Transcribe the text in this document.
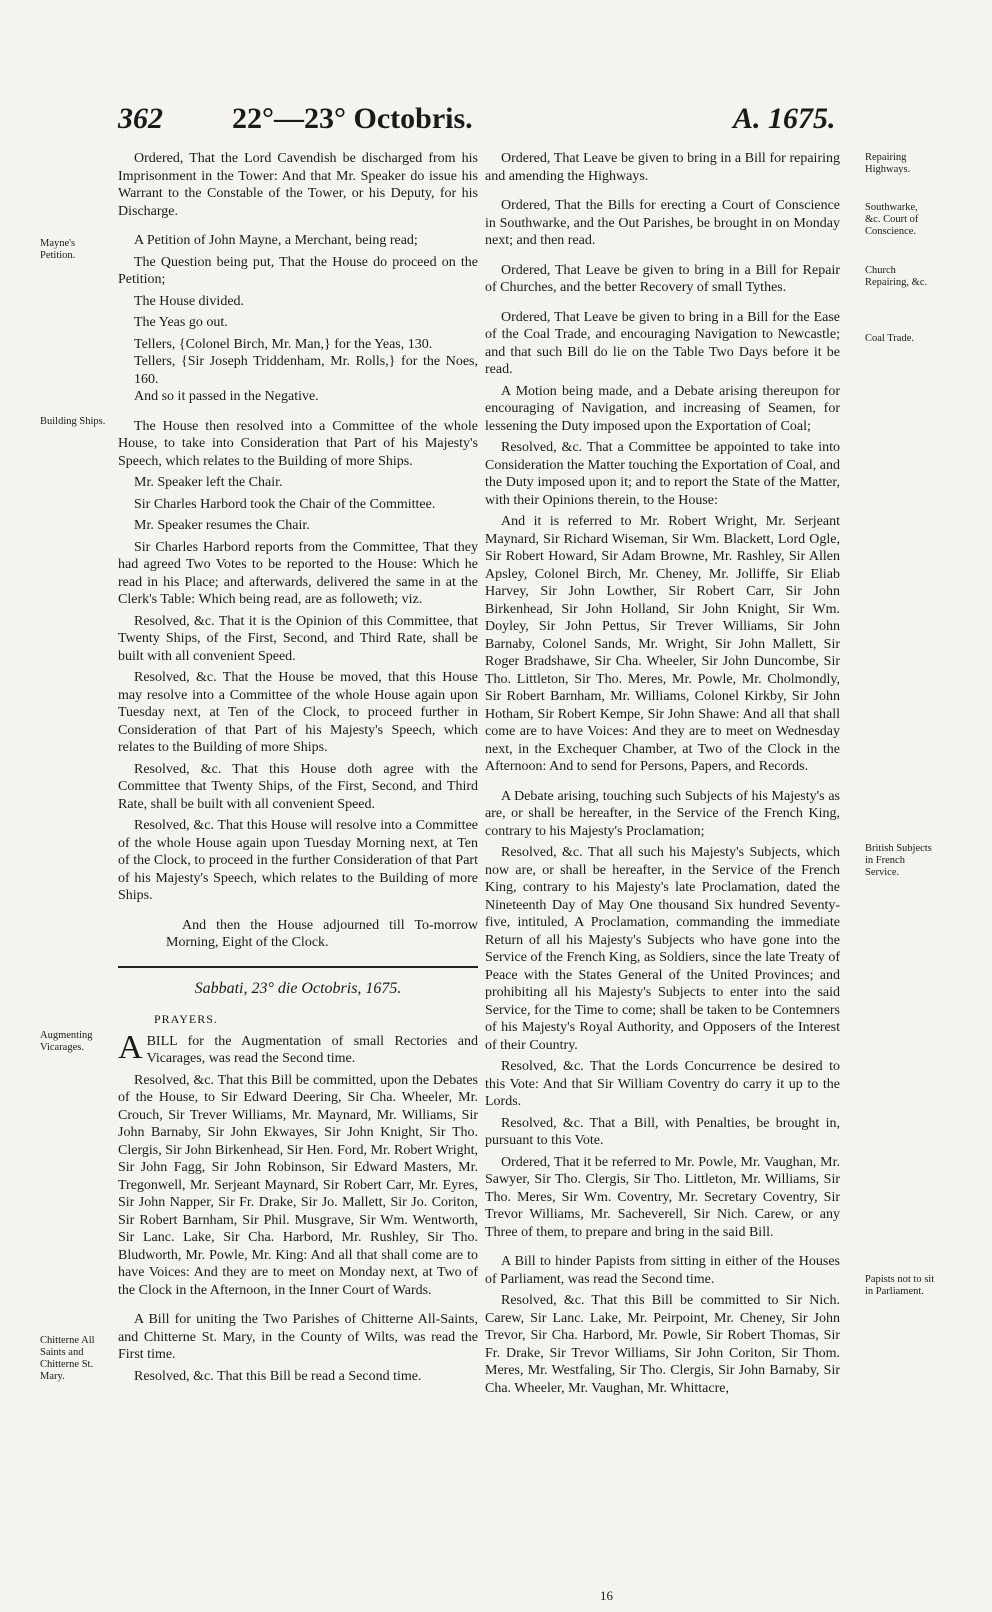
362 22°—23° Octobris.	A. 1675.
Mayne's Petition.
Building Ships.
Augmenting Vicarages.
Chitterne All Saints and Chitterne St. Mary.
Repairing Highways.
Southwarke, &c. Court of Conscience.
Church Repairing, &c.
Coal Trade.
British Subjects in French Service.
Papists not to sit in Parliament.

Ordered, That the Lord Cavendish be discharged from his Imprisonment in the Tower: And that Mr. Speaker do issue his Warrant to the Constable of the Tower, or his Deputy, for his Discharge.

A Petition of John Mayne, a Merchant, being read;

The Question being put, That the House do proceed on the Petition;

The House divided.

The Yeas go out.

Tellers, {Colonel Birch, Mr. Man,} for the Yeas, 130.
Tellers, {Sir Joseph Triddenham, Mr. Rolls,} for the Noes, 160.

And so it passed in the Negative.

The House then resolved into a Committee of the whole House, to take into Consideration that Part of his Majesty's Speech, which relates to the Building of more Ships.

Mr. Speaker left the Chair.

Sir Charles Harbord took the Chair of the Committee.

Mr. Speaker resumes the Chair.

Sir Charles Harbord reports from the Committee, That they had agreed Two Votes to be reported to the House: Which he read in his Place; and afterwards, delivered the same in at the Clerk's Table: Which being read, are as followeth; viz.

Resolved, &c. That it is the Opinion of this Committee, that Twenty Ships, of the First, Second, and Third Rate, shall be built with all convenient Speed.

Resolved, &c. That the House be moved, that this House may resolve into a Committee of the whole House again upon Tuesday next, at Ten of the Clock, to proceed further in Consideration of that Part of his Majesty's Speech, which relates to the Building of more Ships.

Resolved, &c. That this House doth agree with the Committee that Twenty Ships, of the First, Second, and Third Rate, shall be built with all convenient Speed.

Resolved, &c. That this House will resolve into a Committee of the whole House again upon Tuesday Morning next, at Ten of the Clock, to proceed in the further Consideration of that Part of his Majesty's Speech, which relates to the Building of more Ships.

And then the House adjourned till To-morrow Morning, Eight of the Clock.

Sabbati, 23° die Octobris, 1675.

PRAYERS.

ABILL for the Augmentation of small Rectories and Vicarages, was read the Second time.

Resolved, &c. That this Bill be committed, upon the Debates of the House, to Sir Edward Deering, Sir Cha. Wheeler, Mr. Crouch, Sir Trever Williams, Mr. Maynard, Mr. Williams, Sir John Barnaby, Sir John Ekwayes, Sir John Knight, Sir Tho. Clergis, Sir John Birkenhead, Sir Hen. Ford, Mr. Robert Wright, Sir John Fagg, Sir John Robinson, Sir Edward Masters, Mr. Tregonwell, Mr. Serjeant Maynard, Sir Robert Carr, Mr. Eyres, Sir John Napper, Sir Fr. Drake, Sir Jo. Mallett, Sir Jo. Coriton, Sir Robert Barnham, Sir Phil. Musgrave, Sir Wm. Wentworth, Sir Lanc. Lake, Sir Cha. Harbord, Mr. Rushley, Sir Tho. Bludworth, Mr. Powle, Mr. King: And all that shall come are to have Voices: And they are to meet on Monday next, at Two of the Clock in the Afternoon, in the Inner Court of Wards.

A Bill for uniting the Two Parishes of Chitterne All-Saints, and Chitterne St. Mary, in the County of Wilts, was read the First time.

Resolved, &c. That this Bill be read a Second time.

Ordered, That Leave be given to bring in a Bill for repairing and amending the Highways.

Ordered, That the Bills for erecting a Court of Conscience in Southwarke, and the Out Parishes, be brought in on Monday next; and then read.

Ordered, That Leave be given to bring in a Bill for Repair of Churches, and the better Recovery of small Tythes.

Ordered, That Leave be given to bring in a Bill for the Ease of the Coal Trade, and encouraging Navigation to Newcastle; and that such Bill do lie on the Table Two Days before it be read.

A Motion being made, and a Debate arising thereupon for encouraging of Navigation, and increasing of Seamen, for lessening the Duty imposed upon the Exportation of Coal;

Resolved, &c. That a Committee be appointed to take into Consideration the Matter touching the Exportation of Coal, and the Duty imposed upon it; and to report the State of the Matter, with their Opinions therein, to the House:

And it is referred to Mr. Robert Wright, Mr. Serjeant Maynard, Sir Richard Wiseman, Sir Wm. Blackett, Lord Ogle, Sir Robert Howard, Sir Adam Browne, Mr. Rashley, Sir Allen Apsley, Colonel Birch, Mr. Cheney, Mr. Jolliffe, Sir Eliab Harvey, Sir John Lowther, Sir Robert Carr, Sir John Birkenhead, Sir John Holland, Sir John Knight, Sir Wm. Doyley, Sir John Pettus, Sir Trever Williams, Sir John Barnaby, Colonel Sands, Mr. Wright, Sir John Mallett, Sir Roger Bradshawe, Sir Cha. Wheeler, Sir John Duncombe, Sir Tho. Littleton, Sir Tho. Meres, Mr. Powle, Mr. Cholmondly, Sir Robert Barnham, Mr. Williams, Colonel Kirkby, Sir John Hotham, Sir Robert Kempe, Sir John Shawe: And all that shall come are to have Voices: And they are to meet on Wednesday next, in the Exchequer Chamber, at Two of the Clock in the Afternoon: And to send for Persons, Papers, and Records.

A Debate arising, touching such Subjects of his Majesty's as are, or shall be hereafter, in the Service of the French King, contrary to his Majesty's Proclamation;

Resolved, &c. That all such his Majesty's Subjects, which now are, or shall be hereafter, in the Service of the French King, contrary to his Majesty's late Proclamation, dated the Nineteenth Day of May One thousand Six hundred Seventy-five, intituled, A Proclamation, commanding the immediate Return of all his Majesty's Subjects who have gone into the Service of the French King, as Soldiers, since the late Treaty of Peace with the States General of the United Provinces; and prohibiting all his Majesty's Subjects to enter into the said Service, for the Time to come; shall be taken to be Contemners of his Majesty's Royal Authority, and Opposers of the Interest of their Country.

Resolved, &c. That the Lords Concurrence be desired to this Vote: And that Sir William Coventry do carry it up to the Lords.

Resolved, &c. That a Bill, with Penalties, be brought in, pursuant to this Vote.

Ordered, That it be referred to Mr. Powle, Mr. Vaughan, Mr. Sawyer, Sir Tho. Clergis, Sir Tho. Littleton, Mr. Williams, Sir Tho. Meres, Sir Wm. Coventry, Mr. Secretary Coventry, Sir Trevor Williams, Mr. Sacheverell, Sir Nich. Carew, or any Three of them, to prepare and bring in the said Bill.

A Bill to hinder Papists from sitting in either of the Houses of Parliament, was read the Second time.

Resolved, &c. That this Bill be committed to Sir Nich. Carew, Sir Lanc. Lake, Mr. Peirpoint, Mr. Cheney, Sir John Trevor, Sir Cha. Harbord, Mr. Powle, Sir Robert Thomas, Sir Fr. Drake, Sir Trevor Williams, Sir John Coriton, Sir Thom. Meres, Mr. Westfaling, Sir Tho. Clergis, Sir John Barnaby, Sir Cha. Wheeler, Mr. Vaughan, Mr. Whittacre,

16
